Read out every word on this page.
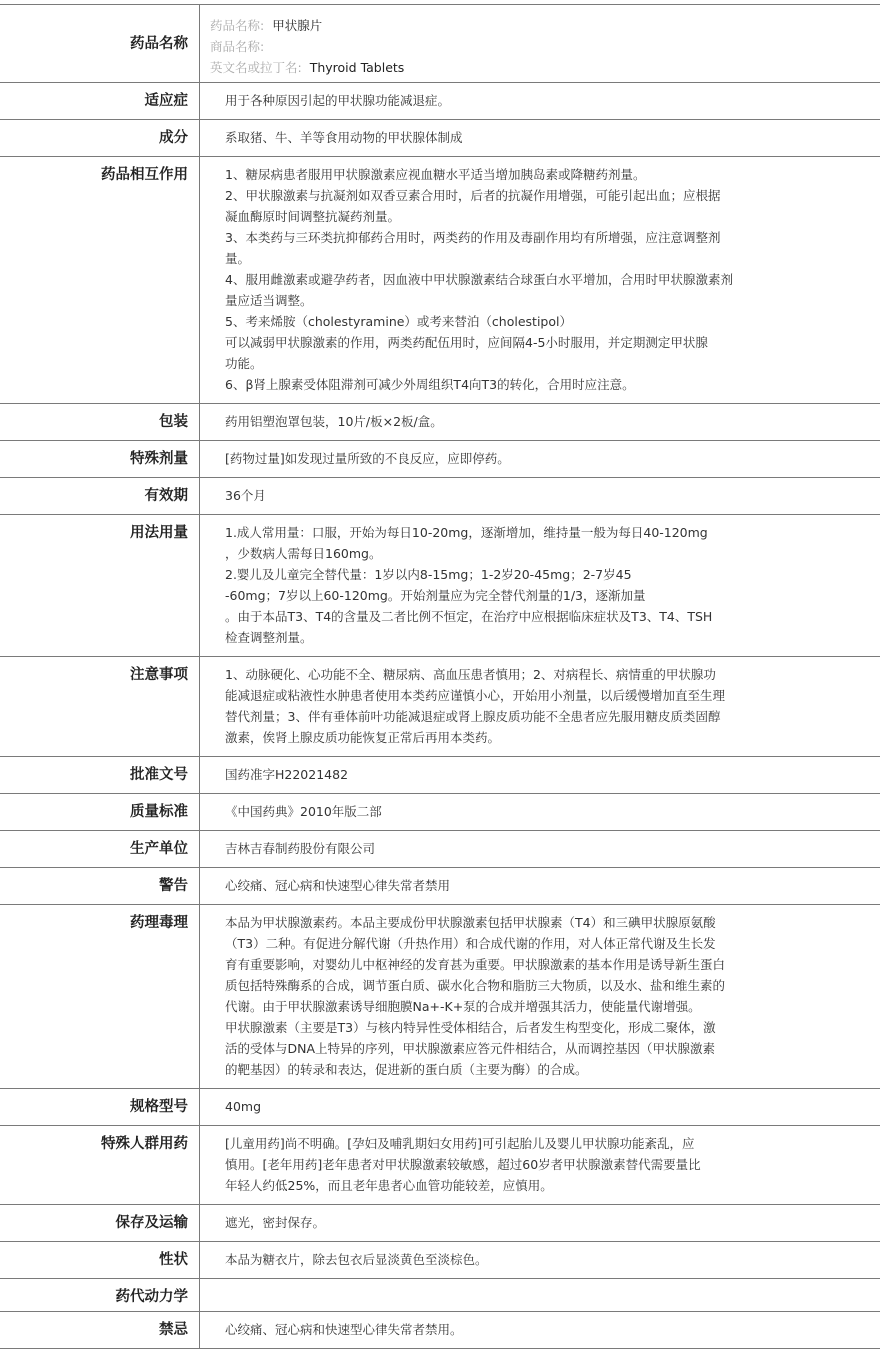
药品名称
药品名称: 甲状腺片
商品名称:
英文名或拉丁名: Thyroid Tablets
适应症	用于各种原因引起的甲状腺功能减退症。
成分	系取猪、牛、羊等食用动物的甲状腺体制成
药品相互作用	1、糖尿病患者服用甲状腺激素应视血糖水平适当增加胰岛素或降糖药剂量。
2、甲状腺激素与抗凝剂如双香豆素合用时，后者的抗凝作用增强，可能引起出血；应根据
凝血酶原时间调整抗凝药剂量。
3、本类药与三环类抗抑郁药合用时，两类药的作用及毒副作用均有所增强，应注意调整剂
量。
4、服用雌激素或避孕药者，因血液中甲状腺激素结合球蛋白水平增加，合用时甲状腺激素剂
量应适当调整。
5、考来烯胺（cholestyramine）或考来替泊（cholestipol）
可以减弱甲状腺激素的作用，两类药配伍用时，应间隔4-5小时服用，并定期测定甲状腺
功能。
6、β肾上腺素受体阻滞剂可减少外周组织T4向T3的转化，合用时应注意。
包装	药用铝塑泡罩包装，10片/板×2板/盒。
特殊剂量	[药物过量]如发现过量所致的不良反应，应即停药。
有效期	36个月
用法用量	1.成人常用量：口服，开始为每日10-20mg，逐渐增加，维持量一般为每日40-120mg
，少数病人需每日160mg。
2.婴儿及儿童完全替代量：1岁以内8-15mg；1-2岁20-45mg；2-7岁45
-60mg；7岁以上60-120mg。开始剂量应为完全替代剂量的1/3，逐渐加量
。由于本品T3、T4的含量及二者比例不恒定，在治疗中应根据临床症状及T3、T4、TSH
检查调整剂量。
注意事项	1、动脉硬化、心功能不全、糖尿病、高血压患者慎用；2、对病程长、病情重的甲状腺功
能减退症或粘液性水肿患者使用本类药应谨慎小心，开始用小剂量，以后缓慢增加直至生理
替代剂量；3、伴有垂体前叶功能减退症或肾上腺皮质功能不全患者应先服用糖皮质类固醇
激素，俟肾上腺皮质功能恢复正常后再用本类药。
批准文号	国药准字H22021482
质量标准	《中国药典》2010年版二部
生产单位	吉林吉春制药股份有限公司
警告	心绞痛、冠心病和快速型心律失常者禁用
药理毒理	本品为甲状腺激素药。本品主要成份甲状腺激素包括甲状腺素（T4）和三碘甲状腺原氨酸
（T3）二种。有促进分解代谢（升热作用）和合成代谢的作用，对人体正常代谢及生长发
育有重要影响，对婴幼儿中枢神经的发育甚为重要。甲状腺激素的基本作用是诱导新生蛋白
质包括特殊酶系的合成，调节蛋白质、碳水化合物和脂肪三大物质，以及水、盐和维生素的
代谢。由于甲状腺激素诱导细胞膜Na+-K+泵的合成并增强其活力，使能量代谢增强。
甲状腺激素（主要是T3）与核内特异性受体相结合，后者发生构型变化，形成二聚体，激
活的受体与DNA上特异的序列，甲状腺激素应答元件相结合，从而调控基因（甲状腺激素
的靶基因）的转录和表达，促进新的蛋白质（主要为酶）的合成。
规格型号	40mg
特殊人群用药	[儿童用药]尚不明确。[孕妇及哺乳期妇女用药]可引起胎儿及婴儿甲状腺功能紊乱，应
慎用。[老年用药]老年患者对甲状腺激素较敏感，超过60岁者甲状腺激素替代需要量比
年轻人约低25%，而且老年患者心血管功能较差，应慎用。
保存及运输	遮光，密封保存。
性状	本品为糖衣片，除去包衣后显淡黄色至淡棕色。
药代动力学
禁忌	心绞痛、冠心病和快速型心律失常者禁用。
